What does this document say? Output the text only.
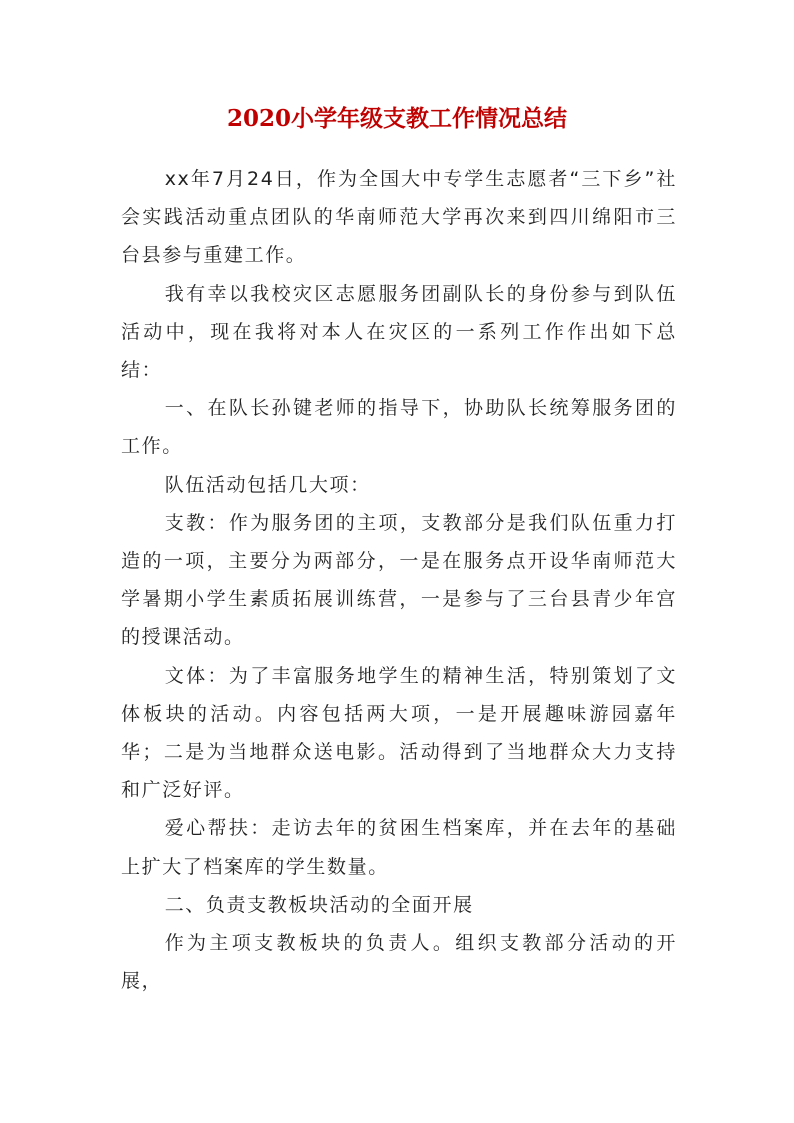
2020小学年级支教工作情况总结

xx年7月24日，作为全国大中专学生志愿者“三下乡”社会实践活动重点团队的华南师范大学再次来到四川绵阳市三台县参与重建工作。

我有幸以我校灾区志愿服务团副队长的身份参与到队伍活动中，现在我将对本人在灾区的一系列工作作出如下总结：

一、在队长孙键老师的指导下，协助队长统筹服务团的工作。

队伍活动包括几大项：

支教：作为服务团的主项，支教部分是我们队伍重力打造的一项，主要分为两部分，一是在服务点开设华南师范大学暑期小学生素质拓展训练营，一是参与了三台县青少年宫的授课活动。

文体：为了丰富服务地学生的精神生活，特别策划了文体板块的活动。内容包括两大项，一是开展趣味游园嘉年华；二是为当地群众送电影。活动得到了当地群众大力支持和广泛好评。

爱心帮扶：走访去年的贫困生档案库，并在去年的基础上扩大了档案库的学生数量。

二、负责支教板块活动的全面开展

作为主项支教板块的负责人。组织支教部分活动的开展，
